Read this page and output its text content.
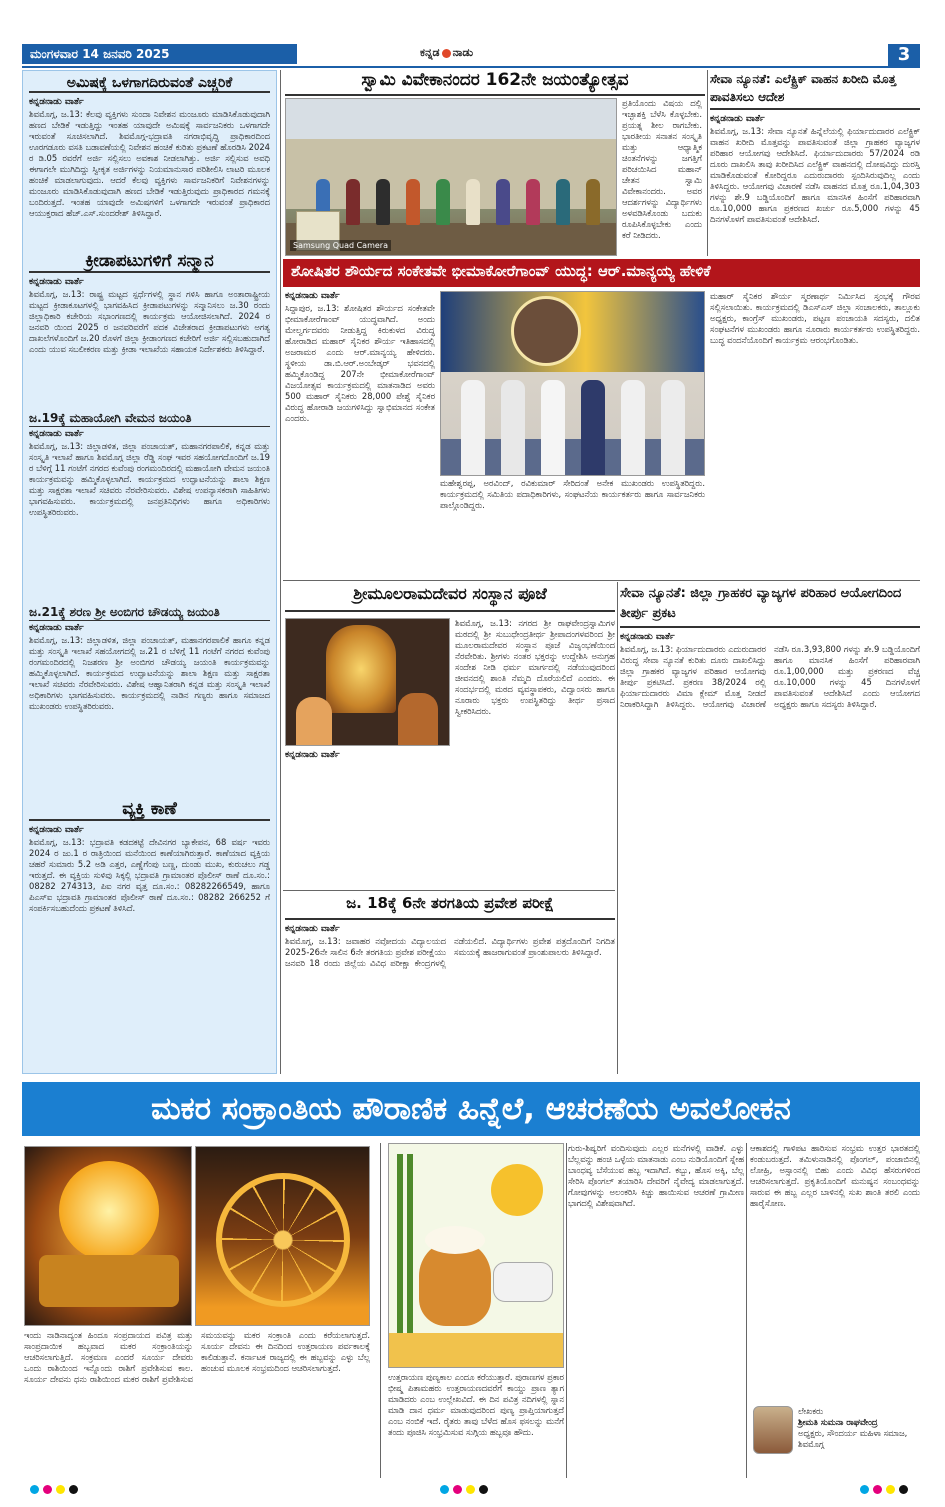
ಮಂಗಳವಾರ 14 ಜನವರಿ 2025	ಕನ್ನಡ ನಾಡು	3
ಅಮಿಷಕ್ಕೆ ಒಳಗಾಗದಿರುವಂತೆ ಎಚ್ಚರಿಕೆ
ಕನ್ನಡನಾಡು ವಾರ್ತೆ
ಶಿವಮೊಗ್ಗ, ಜ.13: ಕೆಲವು ವ್ಯಕ್ತಿಗಳು ಸುಂದಾ ನಿವೇಶನ ಮಂಜೂರು ಮಾಡಿಸಿಕೊಡುವುದಾಗಿ ಹಣದ ಬೇಡಿಕೆ ಇಡುತ್ತಿದ್ದು ಇಂತಹ ಯಾವುದೇ ಅಮಿಷಕ್ಕೆ ಸಾರ್ವಜನಿಕರು ಒಳಗಾಗದೇ ಇರುವಂತೆ ಸೂಚಿಸಲಾಗಿದೆ. ಶಿವಮೊಗ್ಗ-ಭದ್ರಾವತಿ ನಗರಾಭಿವೃದ್ಧಿ ಪ್ರಾಧಿಕಾರದಿಂದ ಊರಗಡೂರು ವಸತಿ ಬಡಾವಣೆಯಲ್ಲಿ ನಿವೇಶನ ಹಂಚಿಕೆ ಕುರಿತು ಪ್ರಕಟಣೆ ಹೊರಡಿಸಿ 2024 ರ ಡಿ.05 ರವರೆಗೆ ಅರ್ಜಿ ಸಲ್ಲಿಸಲು ಅವಕಾಶ ನೀಡಲಾಗಿತ್ತು. ಅರ್ಜಿ ಸಲ್ಲಿಸುವ ಅವಧಿ ಈಗಾಗಲೇ ಮುಗಿದಿದ್ದು ಸ್ವೀಕೃತ ಅರ್ಜಿಗಳನ್ನು ನಿಯಮಾನುಸಾರ ಪರಿಶೀಲಿಸಿ ಲಾಟರಿ ಮೂಲಕ ಹಂಚಿಕೆ ಮಾಡಲಾಗುವುದು. ಆದರೆ ಕೆಲವು ವ್ಯಕ್ತಿಗಳು ಸಾರ್ವಜನಿಕರಿಗೆ ನಿವೇಶನಗಳನ್ನು ಮಂಜೂರು ಮಾಡಿಸಿಕೊಡುವುದಾಗಿ ಹಣದ ಬೇಡಿಕೆ ಇಡುತ್ತಿರುವುದು ಪ್ರಾಧಿಕಾರದ ಗಮನಕ್ಕೆ ಬಂದಿರುತ್ತದೆ. ಇಂತಹ ಯಾವುದೇ ಅಮಿಷಗಳಿಗೆ ಒಳಗಾಗದೇ ಇರುವಂತೆ ಪ್ರಾಧಿಕಾರದ ಆಯುಕ್ತರಾದ ಹೆಚ್.ಎಸ್.ಸುಂದರೇಶ್ ತಿಳಿಸಿದ್ದಾರೆ.
ಕ್ರೀಡಾಪಟುಗಳಿಗೆ ಸನ್ಮಾನ
ಕನ್ನಡನಾಡು ವಾರ್ತೆ
ಶಿವಮೊಗ್ಗ, ಜ.13: ರಾಷ್ಟ್ರ ಮಟ್ಟದ ಸ್ಪರ್ಧೆಗಳಲ್ಲಿ ಸ್ಥಾನ ಗಳಿಸಿ ಹಾಗೂ ಅಂತಾರಾಷ್ಟ್ರೀಯ ಮಟ್ಟದ ಕ್ರೀಡಾಕೂಟಗಳಲ್ಲಿ ಭಾಗವಹಿಸಿದ ಕ್ರೀಡಾಪಟುಗಳನ್ನು ಸನ್ಮಾನಿಸಲು ಜ.30 ರಂದು ಜಿಲ್ಲಾಧಿಕಾರಿ ಕಚೇರಿಯ ಸಭಾಂಗಣದಲ್ಲಿ ಕಾರ್ಯಕ್ರಮ ಆಯೋಜಿಸಲಾಗಿದೆ. 2024 ರ ಜನವರಿ ಯಿಂದ 2025 ರ ಜನವರಿವರೆಗೆ ಪದಕ ವಿಜೇತರಾದ ಕ್ರೀಡಾಪಟುಗಳು ಅಗತ್ಯ ದಾಖಲೆಗಳೊಂದಿಗೆ ಜ.20 ರೊಳಗೆ ಜಿಲ್ಲಾ ಕ್ರೀಡಾಂಗಣದ ಕಚೇರಿಗೆ ಅರ್ಜಿ ಸಲ್ಲಿಸಬಹುದಾಗಿದೆ ಎಂದು ಯುವ ಸಬಲೀಕರಣ ಮತ್ತು ಕ್ರೀಡಾ ಇಲಾಖೆಯ ಸಹಾಯಕ ನಿರ್ದೇಶಕರು ತಿಳಿಸಿದ್ದಾರೆ.
ಜ.19ಕ್ಕೆ ಮಹಾಯೋಗಿ ವೇಮನ ಜಯಂತಿ
ಕನ್ನಡನಾಡು ವಾರ್ತೆ
ಶಿವಮೊಗ್ಗ, ಜ.13: ಜಿಲ್ಲಾಡಳಿತ, ಜಿಲ್ಲಾ ಪಂಚಾಯತ್, ಮಹಾನಗರಪಾಲಿಕೆ, ಕನ್ನಡ ಮತ್ತು ಸಂಸ್ಕೃತಿ ಇಲಾಖೆ ಹಾಗೂ ಶಿವಮೊಗ್ಗ ಜಿಲ್ಲಾ ರೆಡ್ಡಿ ಸಂಘ ಇವರ ಸಹಯೋಗದೊಂದಿಗೆ ಜ.19 ರ ಬೆಳಿಗ್ಗೆ 11 ಗಂಟೆಗೆ ನಗರದ ಕುವೆಂಪು ರಂಗಮಂದಿರದಲ್ಲಿ ಮಹಾಯೋಗಿ ವೇಮನ ಜಯಂತಿ ಕಾರ್ಯಕ್ರಮವನ್ನು ಹಮ್ಮಿಕೊಳ್ಳಲಾಗಿದೆ. ಕಾರ್ಯಕ್ರಮದ ಉದ್ಘಾಟನೆಯನ್ನು ಶಾಲಾ ಶಿಕ್ಷಣ ಮತ್ತು ಸಾಕ್ಷರತಾ ಇಲಾಖೆ ಸಚಿವರು ನೆರವೇರಿಸುವರು. ವಿಶೇಷ ಉಪನ್ಯಾಸಕರಾಗಿ ಸಾಹಿತಿಗಳು ಭಾಗವಹಿಸುವರು. ಕಾರ್ಯಕ್ರಮದಲ್ಲಿ ಜನಪ್ರತಿನಿಧಿಗಳು ಹಾಗೂ ಅಧಿಕಾರಿಗಳು ಉಪಸ್ಥಿತರಿರುವರು.
ಜ.21ಕ್ಕೆ ಶರಣ ಶ್ರೀ ಅಂಬಿಗರ ಚೌಡಯ್ಯ ಜಯಂತಿ
ಕನ್ನಡನಾಡು ವಾರ್ತೆ
ಶಿವಮೊಗ್ಗ, ಜ.13: ಜಿಲ್ಲಾಡಳಿತ, ಜಿಲ್ಲಾ ಪಂಚಾಯತ್, ಮಹಾನಗರಪಾಲಿಕೆ ಹಾಗೂ ಕನ್ನಡ ಮತ್ತು ಸಂಸ್ಕೃತಿ ಇಲಾಖೆ ಸಹಯೋಗದಲ್ಲಿ ಜ.21 ರ ಬೆಳಿಗ್ಗೆ 11 ಗಂಟೆಗೆ ನಗರದ ಕುವೆಂಪು ರಂಗಮಂದಿರದಲ್ಲಿ ನಿಜಶರಣ ಶ್ರೀ ಅಂಬಿಗರ ಚೌಡಯ್ಯ ಜಯಂತಿ ಕಾರ್ಯಕ್ರಮವನ್ನು ಹಮ್ಮಿಕೊಳ್ಳಲಾಗಿದೆ. ಕಾರ್ಯಕ್ರಮದ ಉದ್ಘಾಟನೆಯನ್ನು ಶಾಲಾ ಶಿಕ್ಷಣ ಮತ್ತು ಸಾಕ್ಷರತಾ ಇಲಾಖೆ ಸಚಿವರು ನೆರವೇರಿಸುವರು. ವಿಶೇಷ ಆಹ್ವಾನಿತರಾಗಿ ಕನ್ನಡ ಮತ್ತು ಸಂಸ್ಕೃತಿ ಇಲಾಖೆ ಅಧಿಕಾರಿಗಳು ಭಾಗವಹಿಸುವರು. ಕಾರ್ಯಕ್ರಮದಲ್ಲಿ ನಾಡಿನ ಗಣ್ಯರು ಹಾಗೂ ಸಮಾಜದ ಮುಖಂಡರು ಉಪಸ್ಥಿತರಿರುವರು.
ವ್ಯಕ್ತಿ ಕಾಣೆ
ಕನ್ನಡನಾಡು ವಾರ್ತೆ
ಶಿವಮೊಗ್ಗ, ಜ.13: ಭದ್ರಾವತಿ ಕಡದಕಟ್ಟೆ ದೇವಿನಗರ ಬ್ಯಾಕೇಪನ, 68 ವರ್ಷ ಇವರು 2024 ರ ಜು.1 ರ ರಾತ್ರಿಯಿಂದ ಮನೆಯಿಂದ ಕಾಣೆಯಾಗಿರುತ್ತಾರೆ. ಕಾಣೆಯಾದ ವ್ಯಕ್ತಿಯ ಚಹರೆ ಸುಮಾರು 5.2 ಅಡಿ ಎತ್ತರ, ಎಣ್ಣೆಗೆಂಪು ಬಣ್ಣ, ದುಂಡು ಮುಖ, ಕುರುಚಲು ಗಡ್ಡ ಇರುತ್ತದೆ. ಈ ವ್ಯಕ್ತಿಯ ಸುಳಿವು ಸಿಕ್ಕಲ್ಲಿ ಭದ್ರಾವತಿ ಗ್ರಾಮಾಂತರ ಪೊಲೀಸ್ ಠಾಣೆ ದೂ.ಸಂ.: 08282 274313, ಪಿಐ ನಗರ ವೃತ್ತ ದೂ.ಸಂ.: 08282266549, ಹಾಗೂ ಪಿಎಸ್‌ಐ ಭದ್ರಾವತಿ ಗ್ರಾಮಾಂತರ ಪೊಲೀಸ್ ಠಾಣೆ ದೂ.ಸಂ.: 08282 266252 ಗೆ ಸಂಪರ್ಕಿಸಬಹುದೆಂದು ಪ್ರಕಟಣೆ ತಿಳಿಸಿದೆ.
ಸ್ವಾಮಿ ವಿವೇಕಾನಂದರ 162ನೇ ಜಯಂತ್ಯೋತ್ಸವ
Samsung Quad Camera
ಪ್ರತಿಯೊಂದು ವಿಷಯ ದಲ್ಲಿ ಇಚ್ಛಾಶಕ್ತಿ ಬೆಳೆಸಿ ಕೊಳ್ಳಬೇಕು. ಪ್ರಯತ್ನ ಶೀಲ ರಾಗಬೇಕು. ಭಾರತೀಯ ಸನಾತನ ಸಂಸ್ಕೃತಿ ಮತ್ತು ಆಧ್ಯಾತ್ಮಿಕ ಚಿಂತನೆಗಳನ್ನು ಜಗತ್ತಿಗೆ ಪರಿಚಯಿಸಿದ ಮಹಾನ್ ಚೇತನ ಸ್ವಾಮಿ ವಿವೇಕಾನಂದರು. ಅವರ ಆದರ್ಶಗಳನ್ನು ವಿದ್ಯಾರ್ಥಿಗಳು ಅಳವಡಿಸಿಕೊಂಡು ಬದುಕು ರೂಪಿಸಿಕೊಳ್ಳಬೇಕು ಎಂದು ಕರೆ ನೀಡಿದರು.
ಸೇವಾ ನ್ಯೂನತೆ: ಎಲೆಕ್ಟ್ರಿಕ್ ವಾಹನ ಖರೀದಿ ಮೊತ್ತ ಪಾವತಿಸಲು ಆದೇಶ
ಕನ್ನಡನಾಡು ವಾರ್ತೆ
ಶಿವಮೊಗ್ಗ, ಜ.13: ಸೇವಾ ನ್ಯೂನತೆ ಹಿನ್ನೆಲೆಯಲ್ಲಿ ಫಿರ್ಯಾದುದಾರರ ಎಲೆಕ್ಟ್ರಿಕ್ ವಾಹನ ಖರೀದಿ ಮೊತ್ತವನ್ನು ಪಾವತಿಸುವಂತೆ ಜಿಲ್ಲಾ ಗ್ರಾಹಕರ ವ್ಯಾಜ್ಯಗಳ ಪರಿಹಾರ ಆಯೋಗವು ಆದೇಶಿಸಿದೆ. ಫಿರ್ಯಾದುದಾರರು 57/2024 ರಡಿ ದೂರು ದಾಖಲಿಸಿ ತಾವು ಖರೀದಿಸಿದ ಎಲೆಕ್ಟ್ರಿಕ್ ವಾಹನದಲ್ಲಿ ದೋಷವಿದ್ದು ದುರಸ್ತಿ ಮಾಡಿಕೊಡುವಂತೆ ಕೋರಿದ್ದರೂ ಎದುರುದಾರರು ಸ್ಪಂದಿಸಿರುವುದಿಲ್ಲ ಎಂದು ತಿಳಿಸಿದ್ದರು. ಆಯೋಗವು ವಿಚಾರಣೆ ನಡೆಸಿ ವಾಹನದ ಮೊತ್ತ ರೂ.1,04,303 ಗಳನ್ನು ಶೇ.9 ಬಡ್ಡಿಯೊಂದಿಗೆ ಹಾಗೂ ಮಾನಸಿಕ ಹಿಂಸೆಗೆ ಪರಿಹಾರವಾಗಿ ರೂ.10,000 ಹಾಗೂ ಪ್ರಕರಣದ ಖರ್ಚು ರೂ.5,000 ಗಳನ್ನು 45 ದಿನಗಳೊಳಗೆ ಪಾವತಿಸುವಂತೆ ಆದೇಶಿಸಿದೆ.
ಶೋಷಿತರ ಶೌರ್ಯದ ಸಂಕೇತವೇ ಭೀಮಾಕೋರೆಗಾಂವ್ ಯುದ್ಧ: ಆರ್.ಮಾನ್ಯಯ್ಯ ಹೇಳಿಕೆ
ಕನ್ನಡನಾಡು ವಾರ್ತೆ
ಸಿದ್ದಾಪುರ, ಜ.13: ಶೋಷಿತರ ಶೌರ್ಯದ ಸಂಕೇತವೇ ಭೀಮಾಕೋರೆಗಾಂವ್ ಯುದ್ಧವಾಗಿದೆ. ಅಂದು ಮೇಲ್ವರ್ಗದವರು ನೀಡುತ್ತಿದ್ದ ಕಿರುಕುಳದ ವಿರುದ್ಧ ಹೋರಾಡಿದ ಮಹಾರ್ ಸೈನಿಕರ ಶೌರ್ಯ ಇತಿಹಾಸದಲ್ಲಿ ಅಜರಾಮರ ಎಂದು ಆರ್.ಮಾನ್ಯಯ್ಯ ಹೇಳಿದರು. ಸ್ಥಳೀಯ ಡಾ.ಬಿ.ಆರ್.ಅಂಬೇಡ್ಕರ್ ಭವನದಲ್ಲಿ ಹಮ್ಮಿಕೊಂಡಿದ್ದ 207ನೇ ಭೀಮಾಕೋರೆಗಾಂವ್ ವಿಜಯೋತ್ಸವ ಕಾರ್ಯಕ್ರಮದಲ್ಲಿ ಮಾತನಾಡಿದ ಅವರು 500 ಮಹಾರ್ ಸೈನಿಕರು 28,000 ಪೇಶ್ವೆ ಸೈನಿಕರ ವಿರುದ್ಧ ಹೋರಾಡಿ ಜಯಗಳಿಸಿದ್ದು ಸ್ವಾಭಿಮಾನದ ಸಂಕೇತ ಎಂದರು.
ಮಹೇಶ್ವರಪ್ಪ, ಅರವಿಂದ್, ರವಿಕುಮಾರ್ ಸೇರಿದಂತೆ ಅನೇಕ ಮುಖಂಡರು ಉಪಸ್ಥಿತರಿದ್ದರು. ಕಾರ್ಯಕ್ರಮದಲ್ಲಿ ಸಮಿತಿಯ ಪದಾಧಿಕಾರಿಗಳು, ಸಂಘಟನೆಯ ಕಾರ್ಯಕರ್ತರು ಹಾಗೂ ಸಾರ್ವಜನಿಕರು ಪಾಲ್ಗೊಂಡಿದ್ದರು.
ಮಹಾರ್ ಸೈನಿಕರ ಶೌರ್ಯ ಸ್ಮರಣಾರ್ಥ ನಿರ್ಮಿಸಿದ ಸ್ತಂಭಕ್ಕೆ ಗೌರವ ಸಲ್ಲಿಸಲಾಯಿತು. ಕಾರ್ಯಕ್ರಮದಲ್ಲಿ ಡಿಎಸ್‌ಎಸ್ ಜಿಲ್ಲಾ ಸಂಚಾಲಕರು, ತಾಲ್ಲೂಕು ಅಧ್ಯಕ್ಷರು, ಕಾಂಗ್ರೆಸ್ ಮುಖಂಡರು, ಪಟ್ಟಣ ಪಂಚಾಯತಿ ಸದಸ್ಯರು, ದಲಿತ ಸಂಘಟನೆಗಳ ಮುಖಂಡರು ಹಾಗೂ ನೂರಾರು ಕಾರ್ಯಕರ್ತರು ಉಪಸ್ಥಿತರಿದ್ದರು. ಬುದ್ಧ ವಂದನೆಯೊಂದಿಗೆ ಕಾರ್ಯಕ್ರಮ ಆರಂಭಗೊಂಡಿತು.
ಶ್ರೀಮೂಲರಾಮದೇವರ ಸಂಸ್ಥಾನ ಪೂಜೆ
ಶಿವಮೊಗ್ಗ, ಜ.13: ನಗರದ ಶ್ರೀ ರಾಘವೇಂದ್ರಸ್ವಾಮಿಗಳ ಮಠದಲ್ಲಿ ಶ್ರೀ ಸುಬುಧೇಂದ್ರತೀರ್ಥ ಶ್ರೀಪಾದಂಗಳವರಿಂದ ಶ್ರೀ ಮೂಲರಾಮದೇವರ ಸಂಸ್ಥಾನ ಪೂಜೆ ವಿಜೃಂಭಣೆಯಿಂದ ನೆರವೇರಿತು. ಶ್ರೀಗಳು ನಂತರ ಭಕ್ತರನ್ನು ಉದ್ದೇಶಿಸಿ ಅನುಗ್ರಹ ಸಂದೇಶ ನೀಡಿ ಧರ್ಮ ಮಾರ್ಗದಲ್ಲಿ ನಡೆಯುವುದರಿಂದ ಜೀವನದಲ್ಲಿ ಶಾಂತಿ ನೆಮ್ಮದಿ ದೊರೆಯಲಿದೆ ಎಂದರು. ಈ ಸಂದರ್ಭದಲ್ಲಿ ಮಠದ ವ್ಯವಸ್ಥಾಪಕರು, ವಿದ್ವಾಂಸರು ಹಾಗೂ ನೂರಾರು ಭಕ್ತರು ಉಪಸ್ಥಿತರಿದ್ದು ತೀರ್ಥ ಪ್ರಸಾದ ಸ್ವೀಕರಿಸಿದರು.
ಕನ್ನಡನಾಡು ವಾರ್ತೆ
ಸೇವಾ ನ್ಯೂನತೆ: ಜಿಲ್ಲಾ ಗ್ರಾಹಕರ ವ್ಯಾಜ್ಯಗಳ ಪರಿಹಾರ ಆಯೋಗದಿಂದ ತೀರ್ಪು ಪ್ರಕಟ
ಕನ್ನಡನಾಡು ವಾರ್ತೆ
ಶಿವಮೊಗ್ಗ, ಜ.13: ಫಿರ್ಯಾದುದಾರರು ಎದುರುದಾರರ ವಿರುದ್ಧ ಸೇವಾ ನ್ಯೂನತೆ ಕುರಿತು ದೂರು ದಾಖಲಿಸಿದ್ದು ಜಿಲ್ಲಾ ಗ್ರಾಹಕರ ವ್ಯಾಜ್ಯಗಳ ಪರಿಹಾರ ಆಯೋಗವು ತೀರ್ಪು ಪ್ರಕಟಿಸಿದೆ. ಪ್ರಕರಣ 38/2024 ರಲ್ಲಿ ಫಿರ್ಯಾದುದಾರರು ವಿಮಾ ಕ್ಲೇಮ್ ಮೊತ್ತ ನೀಡದೆ ನಿರಾಕರಿಸಿದ್ದಾಗಿ ತಿಳಿಸಿದ್ದರು. ಆಯೋಗವು ವಿಚಾರಣೆ ನಡೆಸಿ ರೂ.3,93,800 ಗಳನ್ನು ಶೇ.9 ಬಡ್ಡಿಯೊಂದಿಗೆ ಹಾಗೂ ಮಾನಸಿಕ ಹಿಂಸೆಗೆ ಪರಿಹಾರವಾಗಿ ರೂ.1,00,000 ಮತ್ತು ಪ್ರಕರಣದ ವೆಚ್ಚ ರೂ.10,000 ಗಳನ್ನು 45 ದಿನಗಳೊಳಗೆ ಪಾವತಿಸುವಂತೆ ಆದೇಶಿಸಿದೆ ಎಂದು ಆಯೋಗದ ಅಧ್ಯಕ್ಷರು ಹಾಗೂ ಸದಸ್ಯರು ತಿಳಿಸಿದ್ದಾರೆ.
ಜ. 18ಕ್ಕೆ 6ನೇ ತರಗತಿಯ ಪ್ರವೇಶ ಪರೀಕ್ಷೆ
ಕನ್ನಡನಾಡು ವಾರ್ತೆ
ಶಿವಮೊಗ್ಗ, ಜ.13: ಜವಾಹರ ನವೋದಯ ವಿದ್ಯಾಲಯದ 2025-26ನೇ ಸಾಲಿನ 6ನೇ ತರಗತಿಯ ಪ್ರವೇಶ ಪರೀಕ್ಷೆಯು ಜನವರಿ 18 ರಂದು ಜಿಲ್ಲೆಯ ವಿವಿಧ ಪರೀಕ್ಷಾ ಕೇಂದ್ರಗಳಲ್ಲಿ ನಡೆಯಲಿದೆ. ವಿದ್ಯಾರ್ಥಿಗಳು ಪ್ರವೇಶ ಪತ್ರದೊಂದಿಗೆ ನಿಗದಿತ ಸಮಯಕ್ಕೆ ಹಾಜರಾಗುವಂತೆ ಪ್ರಾಂಶುಪಾಲರು ತಿಳಿಸಿದ್ದಾರೆ.
ಮಕರ ಸಂಕ್ರಾಂತಿಯ ಪೌರಾಣಿಕ ಹಿನ್ನೆಲೆ, ಆಚರಣೆಯ ಅವಲೋಕನ
ಇಂದು ನಾಡಿನಾದ್ಯಂತ ಹಿಂದೂ ಸಂಪ್ರದಾಯದ ಪವಿತ್ರ ಮತ್ತು ಸಾಂಪ್ರದಾಯಿಕ ಹಬ್ಬವಾದ ಮಕರ ಸಂಕ್ರಾಂತಿಯನ್ನು ಆಚರಿಸಲಾಗುತ್ತಿದೆ. ಸಂಕ್ರಮಣ ಎಂದರೆ ಸೂರ್ಯ ದೇವರು ಒಂದು ರಾಶಿಯಿಂದ ಇನ್ನೊಂದು ರಾಶಿಗೆ ಪ್ರವೇಶಿಸುವ ಕಾಲ. ಸೂರ್ಯ ದೇವನು ಧನು ರಾಶಿಯಿಂದ ಮಕರ ರಾಶಿಗೆ ಪ್ರವೇಶಿಸುವ ಸಮಯವನ್ನು ಮಕರ ಸಂಕ್ರಾಂತಿ ಎಂದು ಕರೆಯಲಾಗುತ್ತದೆ. ಸೂರ್ಯ ದೇವನು ಈ ದಿನದಿಂದ ಉತ್ತರಾಯಣ ಪರ್ವಕಾಲಕ್ಕೆ ಕಾಲಿಡುತ್ತಾನೆ. ಕರ್ನಾಟಕ ರಾಜ್ಯದಲ್ಲಿ ಈ ಹಬ್ಬವನ್ನು ಎಳ್ಳು ಬೆಲ್ಲ ಹಂಚುವ ಮೂಲಕ ಸಂಭ್ರಮದಿಂದ ಆಚರಿಸಲಾಗುತ್ತದೆ.
ಉತ್ತರಾಯಣ ಪುಣ್ಯಕಾಲ ಎಂದೂ ಕರೆಯುತ್ತಾರೆ. ಪುರಾಣಗಳ ಪ್ರಕಾರ ಭೀಷ್ಮ ಪಿತಾಮಹರು ಉತ್ತರಾಯಣದವರೆಗೆ ಕಾಯ್ದು ಪ್ರಾಣ ತ್ಯಾಗ ಮಾಡಿದರು ಎಂಬ ಉಲ್ಲೇಖವಿದೆ. ಈ ದಿನ ಪವಿತ್ರ ನದಿಗಳಲ್ಲಿ ಸ್ನಾನ ಮಾಡಿ ದಾನ ಧರ್ಮ ಮಾಡುವುದರಿಂದ ಪುಣ್ಯ ಪ್ರಾಪ್ತಿಯಾಗುತ್ತದೆ ಎಂಬ ನಂಬಿಕೆ ಇದೆ. ರೈತರು ತಾವು ಬೆಳೆದ ಹೊಸ ಫಸಲನ್ನು ಮನೆಗೆ ತಂದು ಪೂಜಿಸಿ ಸಂಭ್ರಮಿಸುವ ಸುಗ್ಗಿಯ ಹಬ್ಬವೂ ಹೌದು.
ಗುರು-ಶಿಷ್ಯರಿಗೆ ವಂದಿಸುವುದು ಎಲ್ಲರ ಮನೆಗಳಲ್ಲಿ ವಾಡಿಕೆ. ಎಳ್ಳು ಬೆಲ್ಲವನ್ನು ಹಂಚಿ ಒಳ್ಳೆಯ ಮಾತನಾಡು ಎಂಬ ನುಡಿಯೊಂದಿಗೆ ಸ್ನೇಹ ಬಾಂಧವ್ಯ ಬೆಸೆಯುವ ಹಬ್ಬ ಇದಾಗಿದೆ. ಕಬ್ಬು, ಹೊಸ ಅಕ್ಕಿ, ಬೆಲ್ಲ ಸೇರಿಸಿ ಪೊಂಗಲ್ ತಯಾರಿಸಿ ದೇವರಿಗೆ ನೈವೇದ್ಯ ಮಾಡಲಾಗುತ್ತದೆ. ಗೋವುಗಳನ್ನು ಅಲಂಕರಿಸಿ ಕಿಚ್ಚು ಹಾಯಿಸುವ ಆಚರಣೆ ಗ್ರಾಮೀಣ ಭಾಗದಲ್ಲಿ ವಿಶೇಷವಾಗಿದೆ.
ಆಕಾಶದಲ್ಲಿ ಗಾಳಿಪಟ ಹಾರಿಸುವ ಸಂಭ್ರಮ ಉತ್ತರ ಭಾರತದಲ್ಲಿ ಕಂಡುಬರುತ್ತದೆ. ತಮಿಳುನಾಡಿನಲ್ಲಿ ಪೊಂಗಲ್, ಪಂಜಾಬಿನಲ್ಲಿ ಲೋಹ್ರಿ, ಅಸ್ಸಾಂನಲ್ಲಿ ಬಿಹು ಎಂದು ವಿವಿಧ ಹೆಸರುಗಳಿಂದ ಆಚರಿಸಲಾಗುತ್ತದೆ. ಪ್ರಕೃತಿಯೊಂದಿಗೆ ಮನುಷ್ಯನ ಸಂಬಂಧವನ್ನು ಸಾರುವ ಈ ಹಬ್ಬ ಎಲ್ಲರ ಬಾಳಿನಲ್ಲಿ ಸುಖ ಶಾಂತಿ ತರಲಿ ಎಂದು ಹಾರೈಸೋಣ.
ಲೇಖಕರು
ಶ್ರೀಮತಿ ಸುಮನಾ ರಾಘವೇಂದ್ರ
ಅಧ್ಯಕ್ಷರು, ಸೌಂದರ್ಯ ಮಹಿಳಾ ಸಮಾಜ, ಶಿವಮೊಗ್ಗ
